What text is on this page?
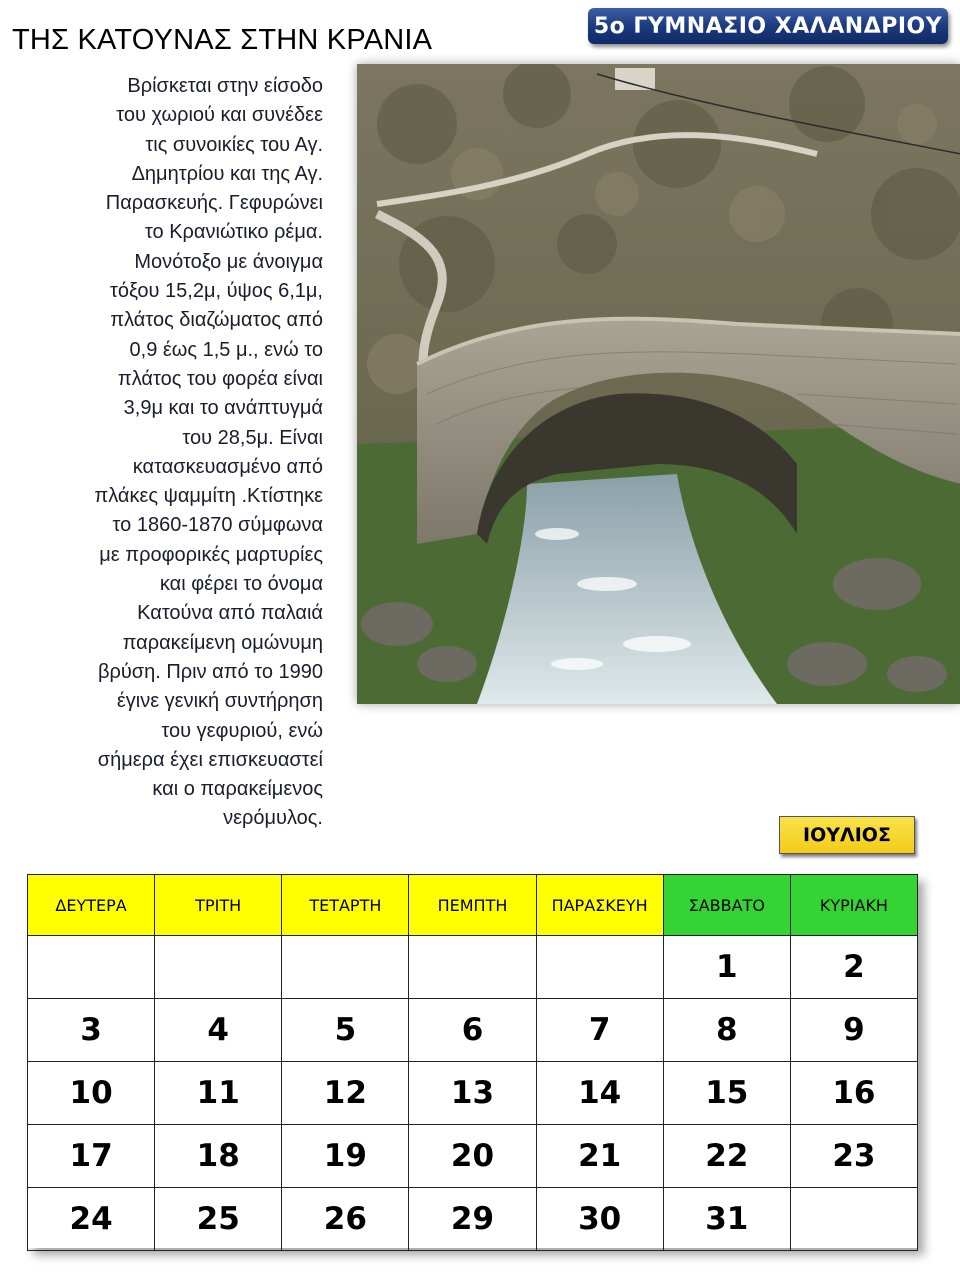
ΤΗΣ ΚΑΤΟΥΝΑΣ ΣΤΗΝ ΚΡΑΝΙΑ	5ο ΓΥΜΝΑΣΙΟ ΧΑΛΑΝΔΡΙΟΥ
Βρίσκεται στην είσοδο
του χωριού και συνέδεε
τις συνοικίες του Αγ.
Δημητρίου και της Αγ.
Παρασκευής. Γεφυρώνει
το Κρανιώτικο ρέμα.
Μονότοξο με άνοιγμα
τόξου 15,2μ, ύψος 6,1μ,
πλάτος διαζώματος από
0,9 έως 1,5 μ., ενώ το
πλάτος του φορέα είναι
3,9μ και το ανάπτυγμά
του 28,5μ. Είναι
κατασκευασμένο από
πλάκες ψαμμίτη .Κτίστηκε
το 1860-1870 σύμφωνα
με προφορικές μαρτυρίες
και φέρει το όνομα
Κατούνα από παλαιά
παρακείμενη ομώνυμη
βρύση. Πριν από το 1990
έγινε γενική συντήρηση
του γεφυριού, ενώ
σήμερα έχει επισκευαστεί
και ο παρακείμενος
νερόμυλος.
ΙΟΥΛΙΟΣ
ΔΕΥΤΕΡΑ	ΤΡΙΤΗ	ΤΕΤΑΡΤΗ	ΠΕΜΠΤΗ	ΠΑΡΑΣΚΕΥΗ	ΣΑΒΒΑΤΟ	ΚΥΡΙΑΚΗ
					1	2
3	4	5	6	7	8	9
10	11	12	13	14	15	16
17	18	19	20	21	22	23
24	25	26	29	30	31	
